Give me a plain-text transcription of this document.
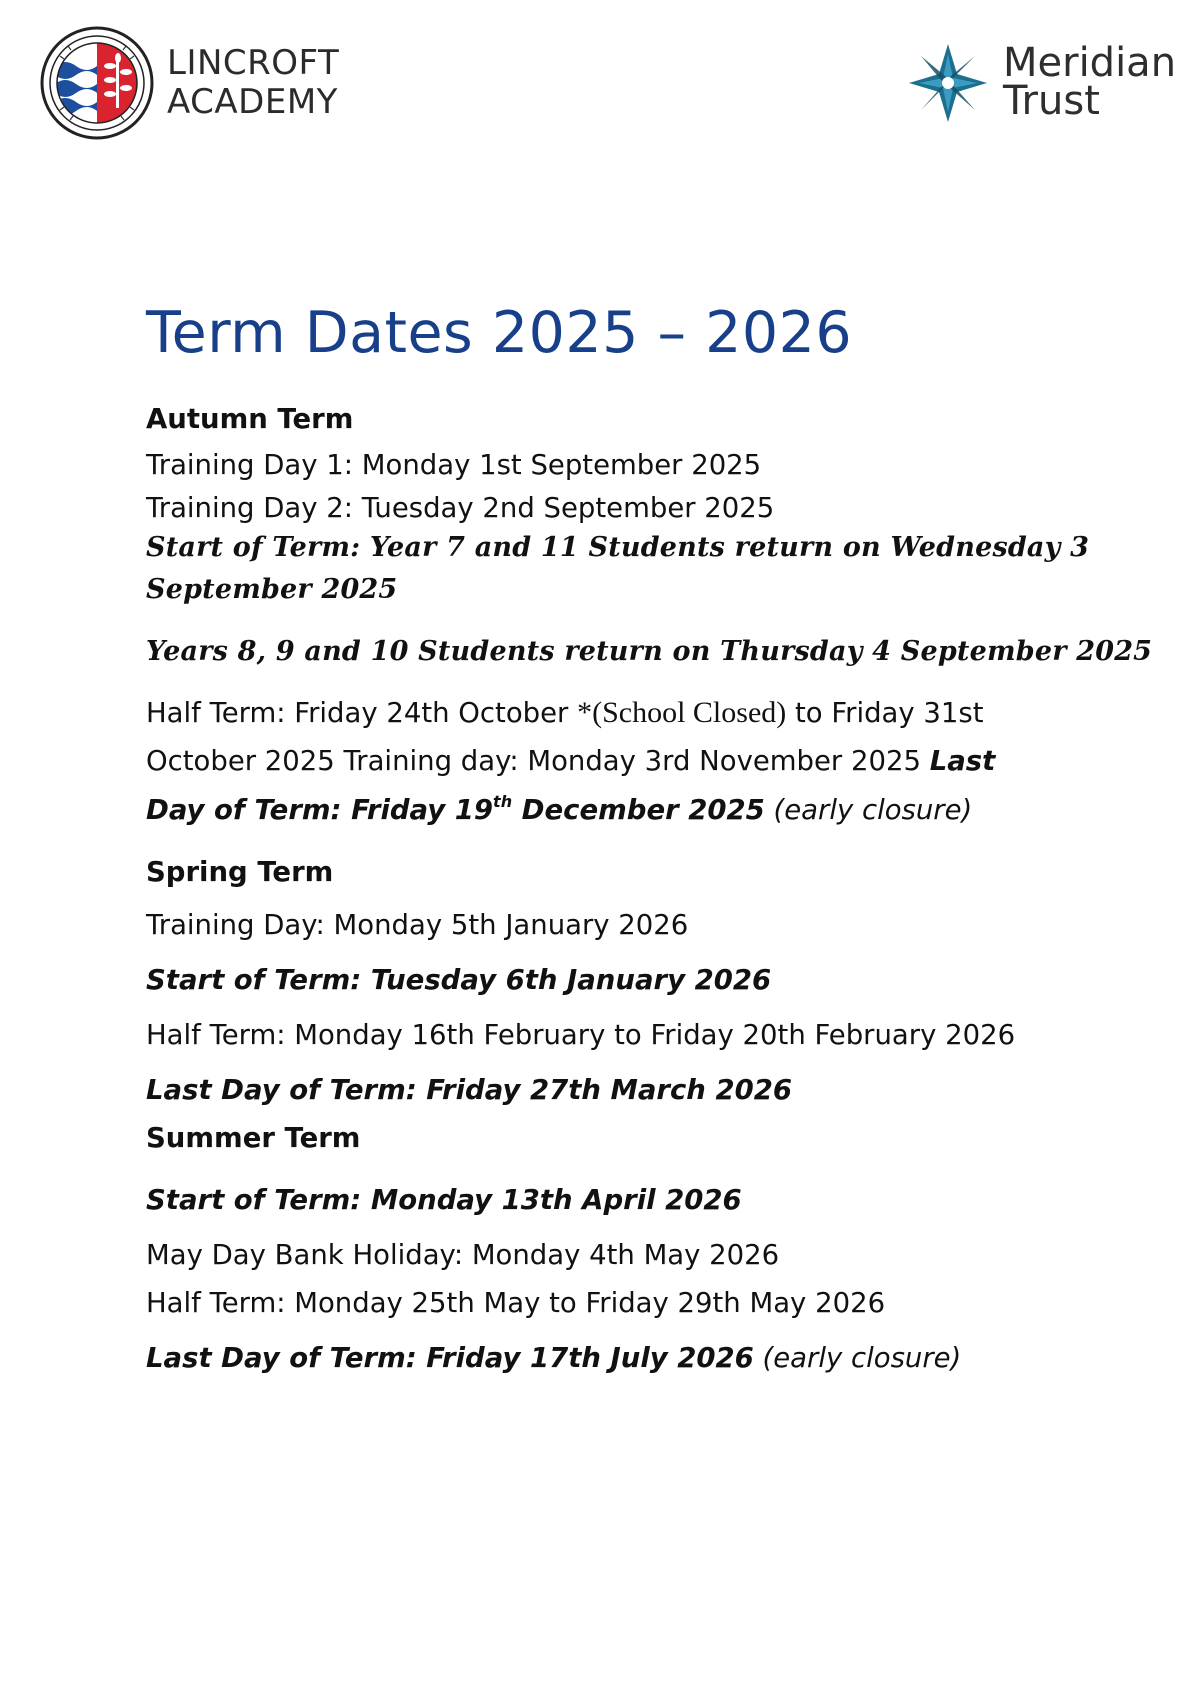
LINCROFT
ACADEMY
Meridian
Trust
Term Dates 2025 – 2026
Autumn Term
Training Day 1: Monday 1st September 2025
Training Day 2: Tuesday 2nd September 2025
Start of Term: Year 7 and 11 Students return on Wednesday 3
September 2025
Years 8, 9 and 10 Students return on Thursday 4 September 2025
Half Term: Friday 24th October *(School Closed) to Friday 31st
October 2025 Training day: Monday 3rd November 2025 Last
Day of Term: Friday 19th December 2025 (early closure)
Spring Term
Training Day: Monday 5th January 2026
Start of Term: Tuesday 6th January 2026
Half Term: Monday 16th February to Friday 20th February 2026
Last Day of Term: Friday 27th March 2026
Summer Term
Start of Term: Monday 13th April 2026
May Day Bank Holiday: Monday 4th May 2026
Half Term: Monday 25th May to Friday 29th May 2026
Last Day of Term: Friday 17th July 2026 (early closure)
